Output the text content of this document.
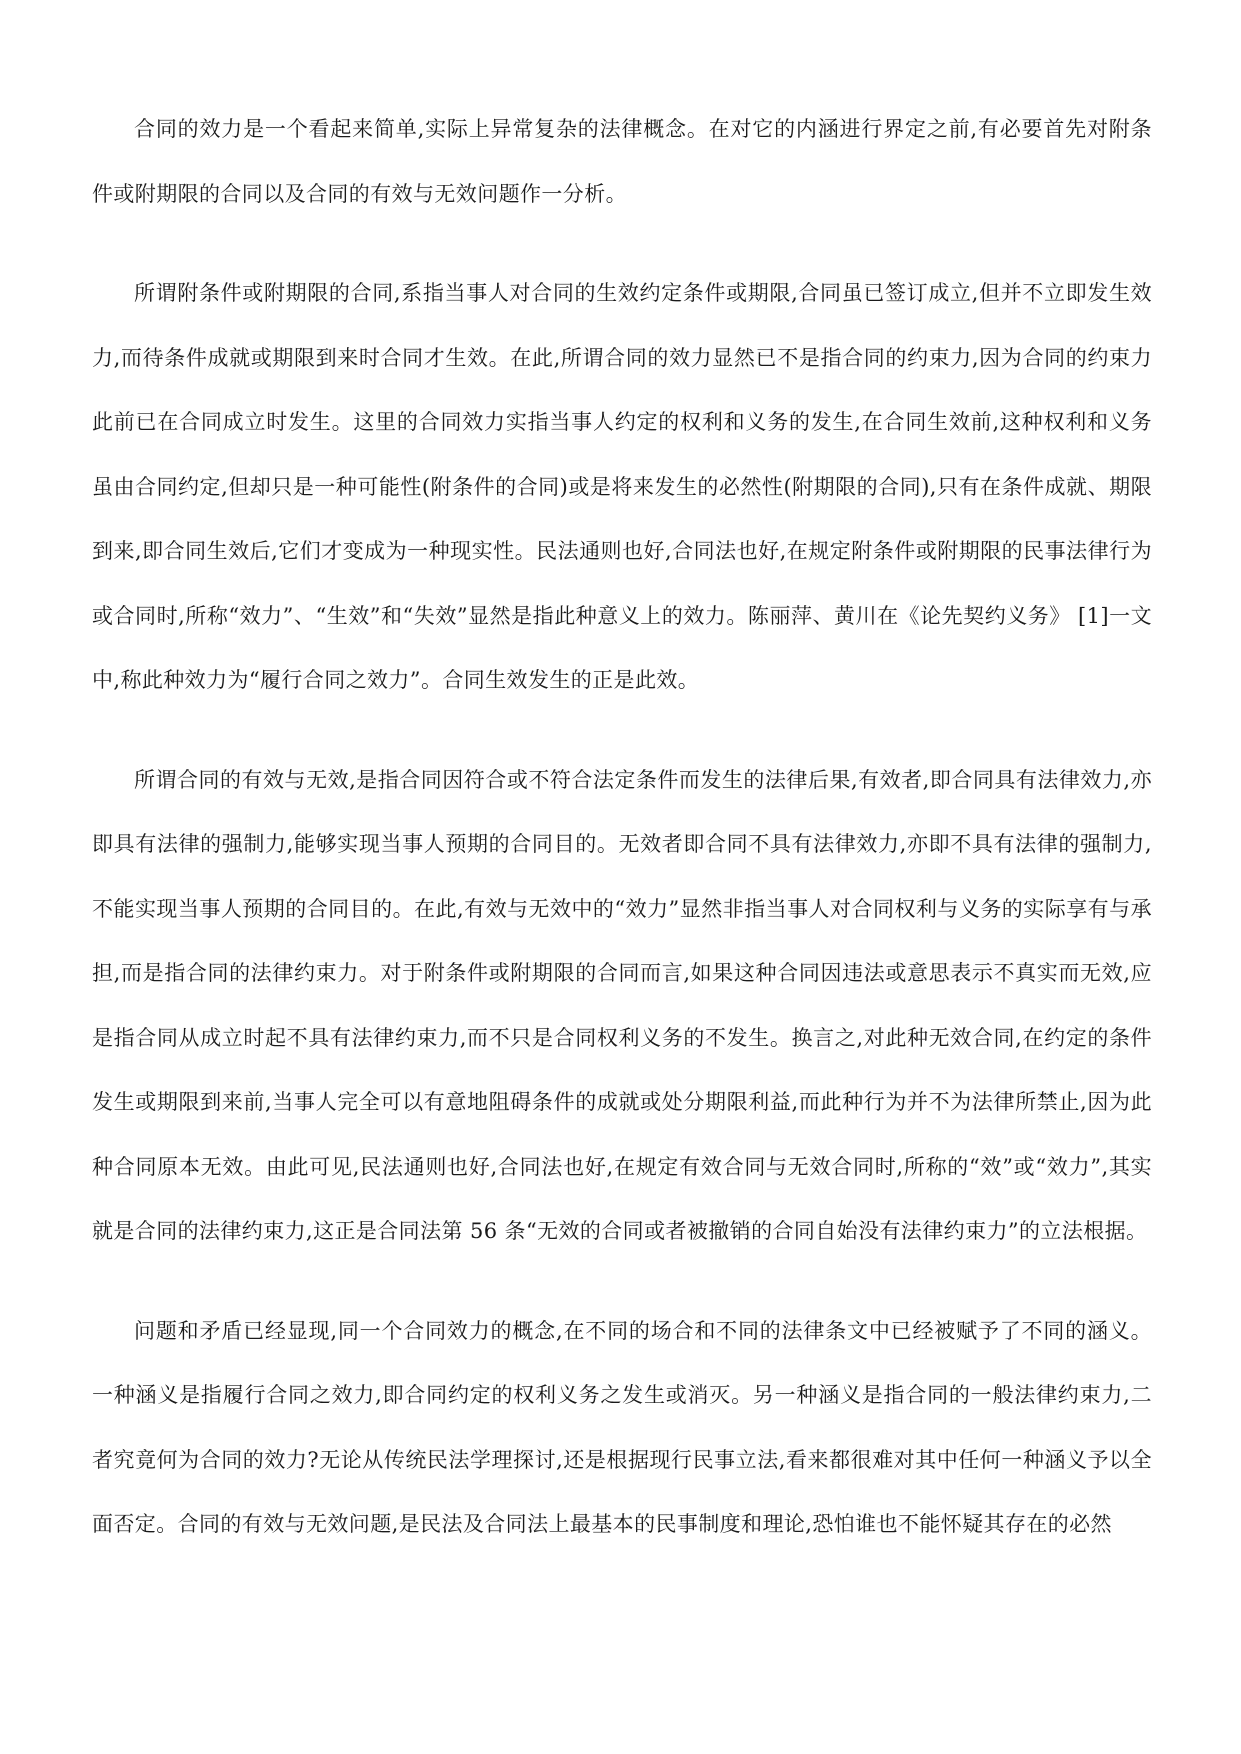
合同的效力是一个看起来简单,实际上异常复杂的法律概念。在对它的内涵进行界定之前,有必要首先对附条件或附期限的合同以及合同的有效与无效问题作一分析。

所谓附条件或附期限的合同,系指当事人对合同的生效约定条件或期限,合同虽已签订成立,但并不立即发生效力,而待条件成就或期限到来时合同才生效。在此,所谓合同的效力显然已不是指合同的约束力,因为合同的约束力此前已在合同成立时发生。这里的合同效力实指当事人约定的权利和义务的发生,在合同生效前,这种权利和义务虽由合同约定,但却只是一种可能性(附条件的合同)或是将来发生的必然性(附期限的合同),只有在条件成就、期限到来,即合同生效后,它们才变成为一种现实性。民法通则也好,合同法也好,在规定附条件或附期限的民事法律行为或合同时,所称“效力”、“生效”和“失效”显然是指此种意义上的效力。陈丽萍、黄川在《论先契约义务》 [1]一文中,称此种效力为“履行合同之效力”。合同生效发生的正是此效。

所谓合同的有效与无效,是指合同因符合或不符合法定条件而发生的法律后果,有效者,即合同具有法律效力,亦即具有法律的强制力,能够实现当事人预期的合同目的。无效者即合同不具有法律效力,亦即不具有法律的强制力,不能实现当事人预期的合同目的。在此,有效与无效中的“效力”显然非指当事人对合同权利与义务的实际享有与承担,而是指合同的法律约束力。对于附条件或附期限的合同而言,如果这种合同因违法或意思表示不真实而无效,应是指合同从成立时起不具有法律约束力,而不只是合同权利义务的不发生。换言之,对此种无效合同,在约定的条件发生或期限到来前,当事人完全可以有意地阻碍条件的成就或处分期限利益,而此种行为并不为法律所禁止,因为此种合同原本无效。由此可见,民法通则也好,合同法也好,在规定有效合同与无效合同时,所称的“效”或“效力”,其实就是合同的法律约束力,这正是合同法第 56 条“无效的合同或者被撤销的合同自始没有法律约束力”的立法根据。

问题和矛盾已经显现,同一个合同效力的概念,在不同的场合和不同的法律条文中已经被赋予了不同的涵义。一种涵义是指履行合同之效力,即合同约定的权利义务之发生或消灭。另一种涵义是指合同的一般法律约束力,二者究竟何为合同的效力?无论从传统民法学理探讨,还是根据现行民事立法,看来都很难对其中任何一种涵义予以全面否定。合同的有效与无效问题,是民法及合同法上最基本的民事制度和理论,恐怕谁也不能怀疑其存在的必然
